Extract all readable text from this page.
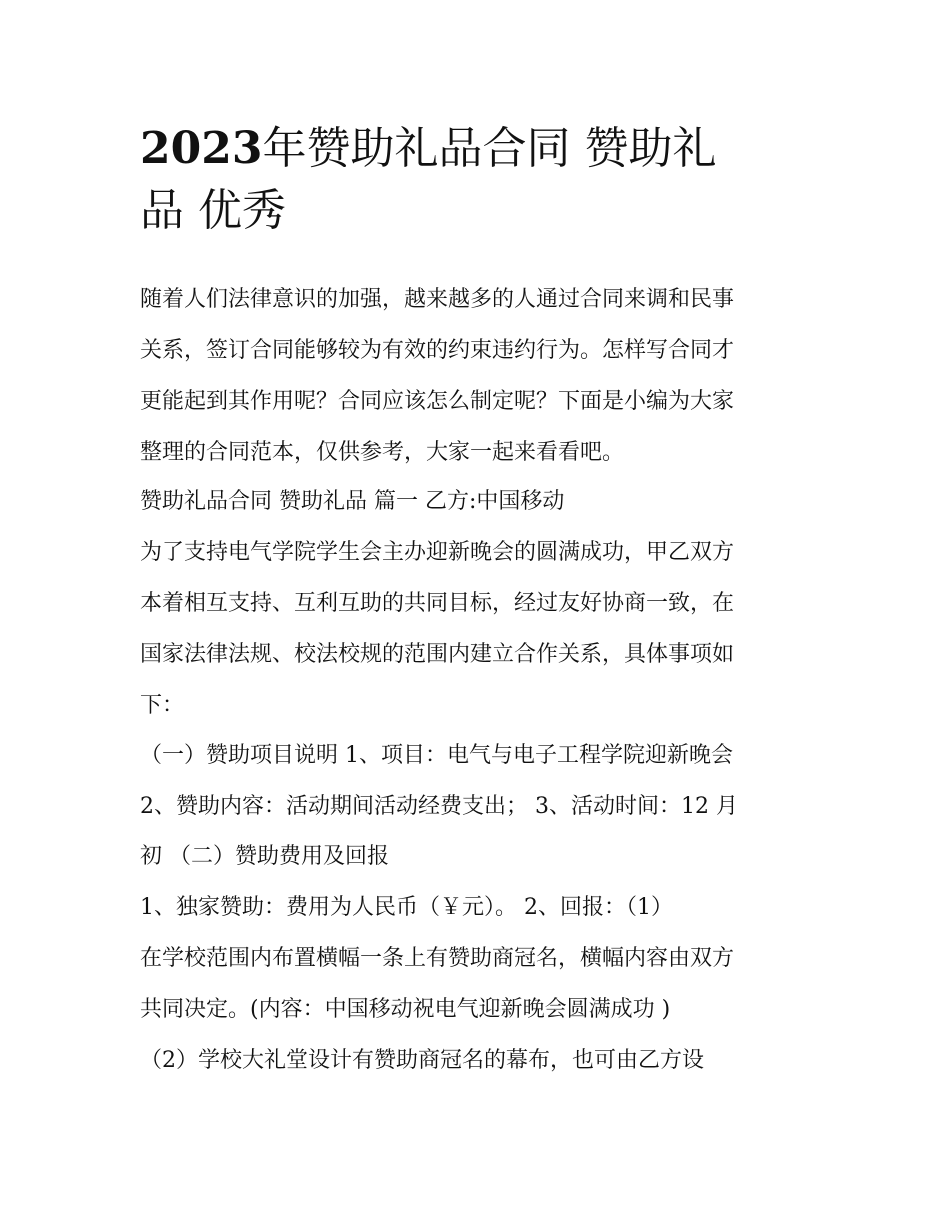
2023年赞助礼品合同 赞助礼
品 优秀
随着人们法律意识的加强，越来越多的人通过合同来调和民事
关系，签订合同能够较为有效的约束违约行为。怎样写合同才
更能起到其作用呢？合同应该怎么制定呢？下面是小编为大家
整理的合同范本，仅供参考，大家一起来看看吧。
赞助礼品合同 赞助礼品 篇一 乙方:中国移动
为了支持电气学院学生会主办迎新晚会的圆满成功，甲乙双方
本着相互支持、互利互助的共同目标，经过友好协商一致，在
国家法律法规、校法校规的范围内建立合作关系，具体事项如
下：
（一）赞助项目说明 1、项目：电气与电子工程学院迎新晚会
2、赞助内容：活动期间活动经费支出； 3、活动时间：12 月
初 （二）赞助费用及回报
1、独家赞助：费用为人民币（￥元）。 2、回报：（1）
在学校范围内布置横幅一条上有赞助商冠名，横幅内容由双方
共同决定。(内容：中国移动祝电气迎新晚会圆满成功 )
（2）学校大礼堂设计有赞助商冠名的幕布，也可由乙方设
